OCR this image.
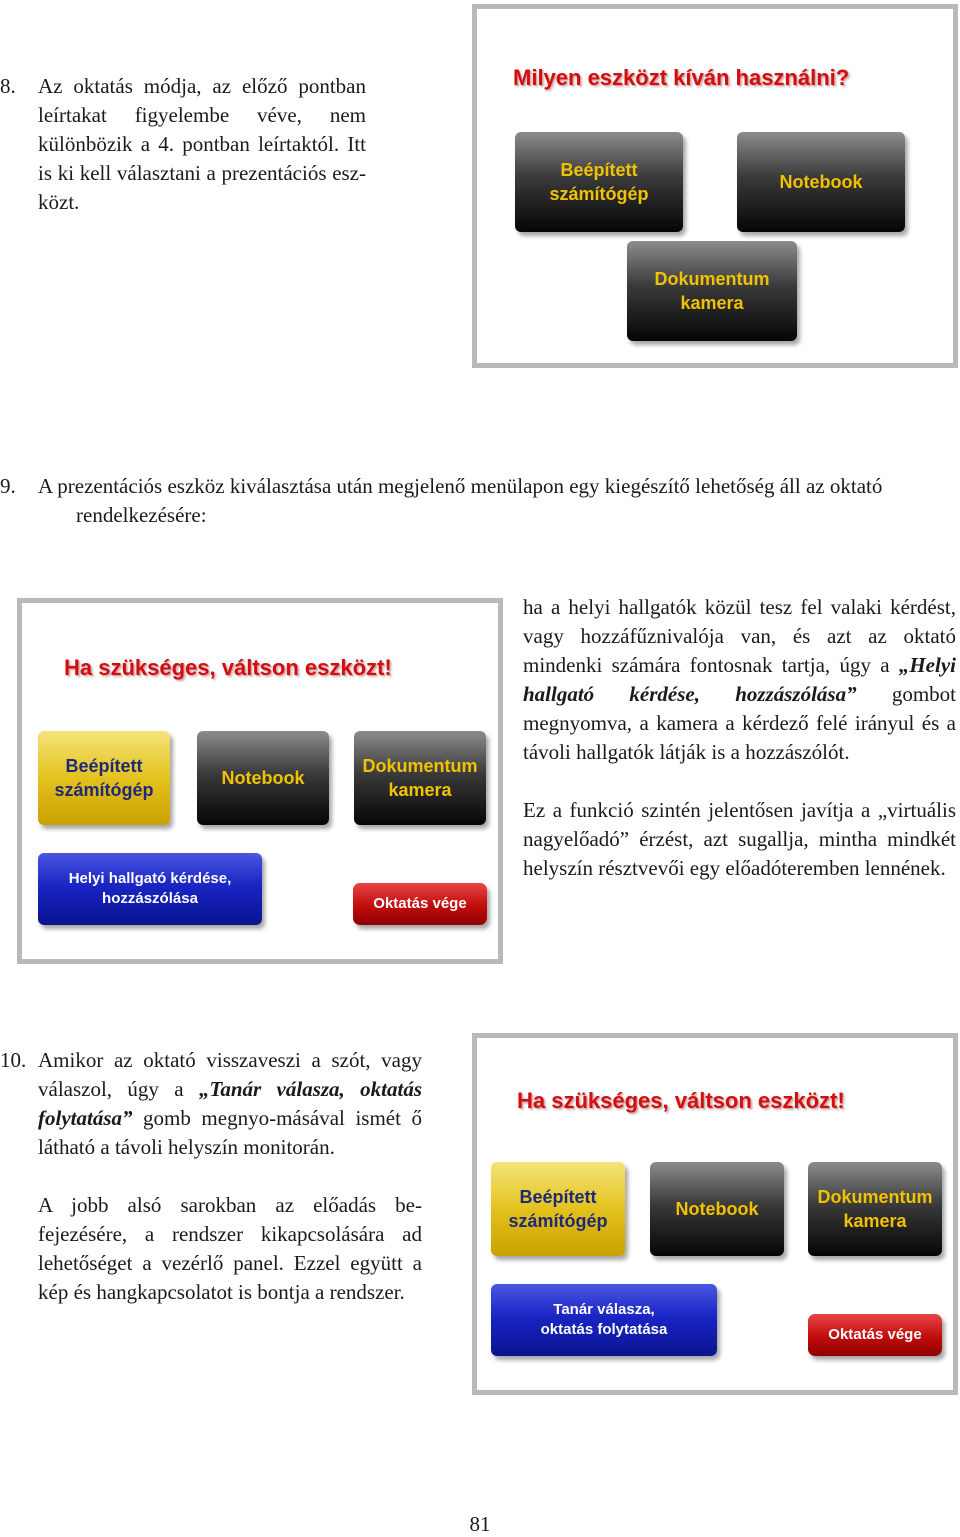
8.	Az oktatás módja, az előző pontban leírtakat figyelembe véve, nem különbözik a 4. pontban leírtaktól. Itt is ki kell választani a prezentációs esz-közt.

Milyen eszközt kíván használni?
Beépített
számítógép
Notebook
Dokumentum
kamera
9.	A prezentációs eszköz kiválasztása után megjelenő menülapon egy kiegészítő lehetőség áll az oktató rendelkezésére:

Ha szükséges, váltson eszközt!
Beépített
számítógép
Notebook
Dokumentum
kamera
Helyi hallgató kérdése,
hozzászólása	Oktatás vége

ha a helyi hallgatók közül tesz fel valaki kérdést, vagy hozzáfűznivalója van, és azt az oktató mindenki számára fontosnak tartja, úgy a „Helyi hallgató kérdése, hozzászólása” gombot megnyomva, a kamera a kérdező felé irányul és a távoli hallgatók látják is a hozzászólót.

Ez a funkció szintén jelentősen javítja a „virtuális nagyelőadó” érzést, azt sugallja, mintha mindkét helyszín résztvevői egy előadóteremben lennének.

10. Amikor az oktató visszaveszi a szót, vagy válaszol, úgy a „Tanár válasza, oktatás folytatása” gomb megnyo-másával ismét ő látható a távoli helyszín monitorán.

A jobb alsó sarokban az előadás be-fejezésére, a rendszer kikapcsolására ad lehetőséget a vezérlő panel. Ezzel együtt a kép és hangkapcsolatot is bontja a rendszer.

Ha szükséges, váltson eszközt!
Beépített
számítógép
Notebook
Dokumentum
kamera
Tanár válasza,
oktatás folytatása	Oktatás vége
81
